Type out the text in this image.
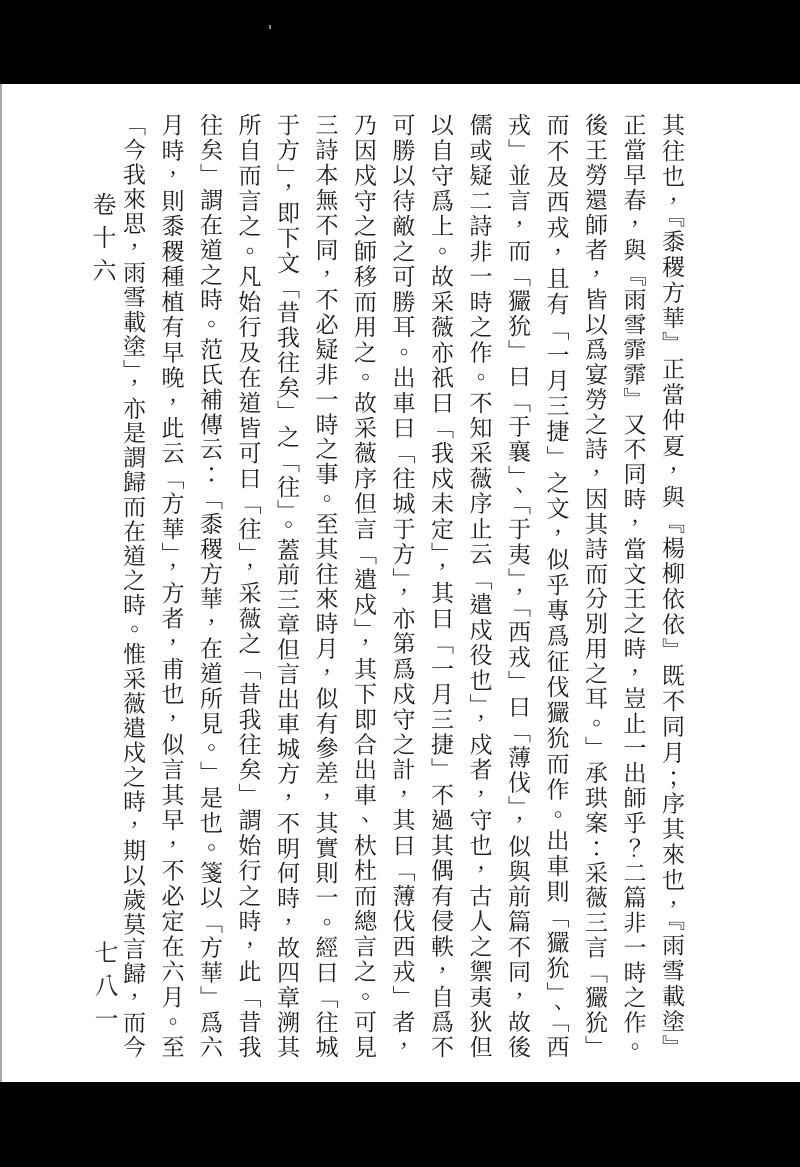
卷十六
七八一	其往也，『黍稷方華』正當仲夏，與『楊柳依依』既不同月；序其來也，『雨雪載塗』
正當早春，與『雨雪霏霏』又不同時，當文王之時，豈止一出師乎？二篇非一時之作。
後王勞還師者，皆以爲宴勞之詩，因其詩而分別用之耳。」承珙案：采薇三言「玁狁」
而不及西戎，且有「一月三捷」之文，似乎專爲征伐玁狁而作。出車則「玁狁」、「西
戎」並言，而「玁狁」曰「于襄」、「于夷」，「西戎」曰「薄伐」，似與前篇不同，故後
儒或疑二詩非一時之作。不知采薇序止云「遣戍役也」，戍者，守也，古人之禦夷狄但
以自守爲上。故采薇亦祇曰「我戍未定」，其曰「一月三捷」不過其偶有侵軼，自爲不
可勝以待敵之可勝耳。出車曰「往城于方」，亦第爲戍守之計，其曰「薄伐西戎」者，
乃因戍守之師移而用之。故采薇序但言「遣戍」，其下即合出車、杕杜而總言之。可見
三詩本無不同，不必疑非一時之事。至其往來時月，似有參差，其實則一。經曰「往城
于方」，即下文「昔我往矣」之「往」。蓋前三章但言出車城方，不明何時，故四章溯其
所自而言之。凡始行及在道皆可曰「往」，采薇之「昔我往矣」謂始行之時，此「昔我
往矣」謂在道之時。范氏補傳云：「黍稷方華，在道所見。」是也。箋以「方華」爲六
月時，則黍稷種植有早晚，此云「方華」，方者，甫也，似言其早，不必定在六月。至
「今我來思，雨雪載塗」，亦是謂歸而在道之時。惟采薇遣戍之時，期以歲莫言歸，而今
